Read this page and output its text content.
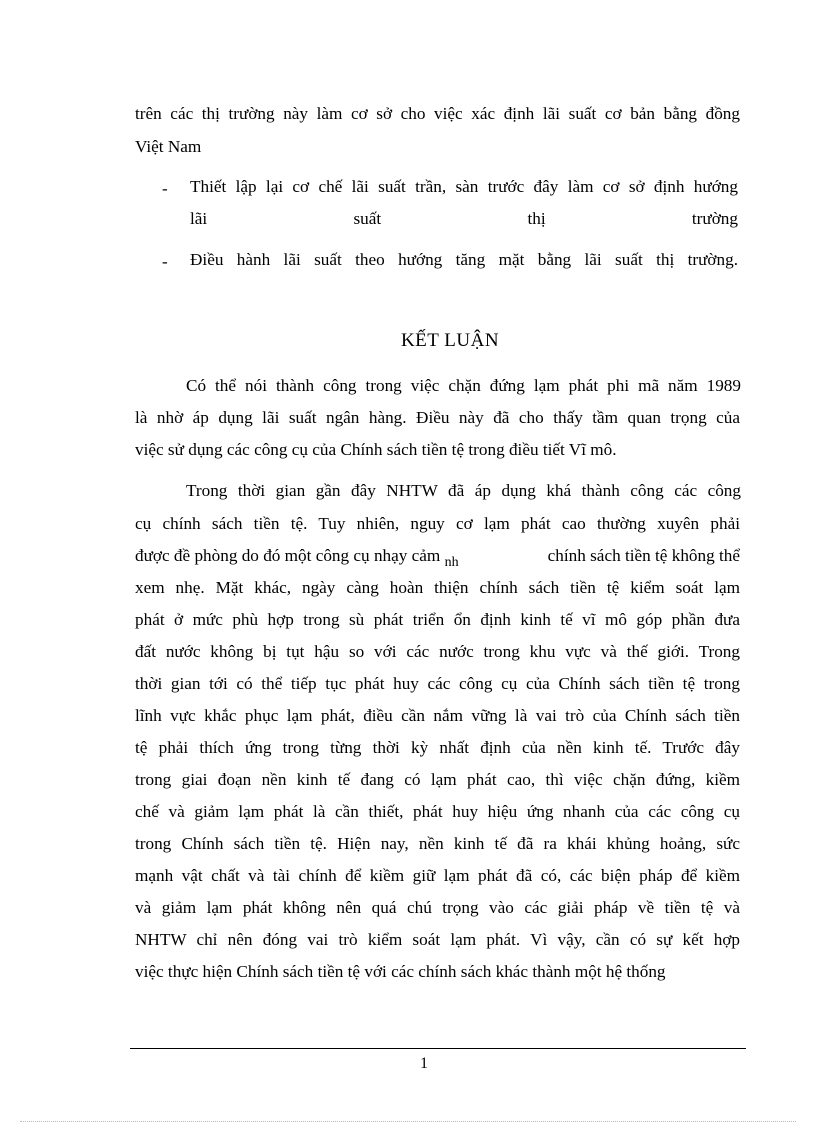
trên các thị trường này làm cơ sở cho việc xác định lãi suất cơ bản bằng đồng
Việt Nam
- Thiết lập lại cơ chế lãi suất trần, sàn trước đây làm cơ sở định hướng
lãi suất thị trường
- Điều hành lãi suất theo hướng tăng mặt bằng lãi suất thị trường.
KẾT LUẬN
Có thể nói thành công trong việc chặn đứng lạm phát phi mã năm 1989
là nhờ áp dụng lãi suất ngân hàng. Điều này đã cho thấy tầm quan trọng của
việc sử dụng các công cụ của Chính sách tiền tệ trong điều tiết Vĩ mô.
Trong thời gian gần đây NHTW đã áp dụng khá thành công các công
cụ chính sách tiền tệ. Tuy nhiên, nguy cơ lạm phát cao thường xuyên phải
được đề phòng do đó một công cụ nhạy cảm $_{nh}$	chính sách tiền tệ không thể
xem nhẹ. Mặt khác, ngày càng hoàn thiện chính sách tiền tệ kiểm soát lạm
phát ở mức phù hợp trong sù phát triển ổn định kinh tế vĩ mô góp phần đưa
đất nước không bị tụt hậu so với các nước trong khu vực và thế giới. Trong
thời gian tới có thể tiếp tục phát huy các công cụ của Chính sách tiền tệ trong
lĩnh vực khắc phục lạm phát, điều cần nắm vững là vai trò của Chính sách tiền
tệ phải thích ứng trong từng thời kỳ nhất định của nền kinh tế. Trước đây
trong giai đoạn nền kinh tế đang có lạm phát cao, thì việc chặn đứng, kiềm
chế và giảm lạm phát là cần thiết, phát huy hiệu ứng nhanh của các công cụ
trong Chính sách tiền tệ. Hiện nay, nền kinh tế đã ra khái khủng hoảng, sức
mạnh vật chất và tài chính để kiềm giữ lạm phát đã có, các biện pháp để kiềm
và giảm lạm phát không nên quá chú trọng vào các giải pháp về tiền tệ và
NHTW chỉ nên đóng vai trò kiểm soát lạm phát. Vì vậy, cần có sự kết hợp
việc thực hiện Chính sách tiền tệ với các chính sách khác thành một hệ thống
1
